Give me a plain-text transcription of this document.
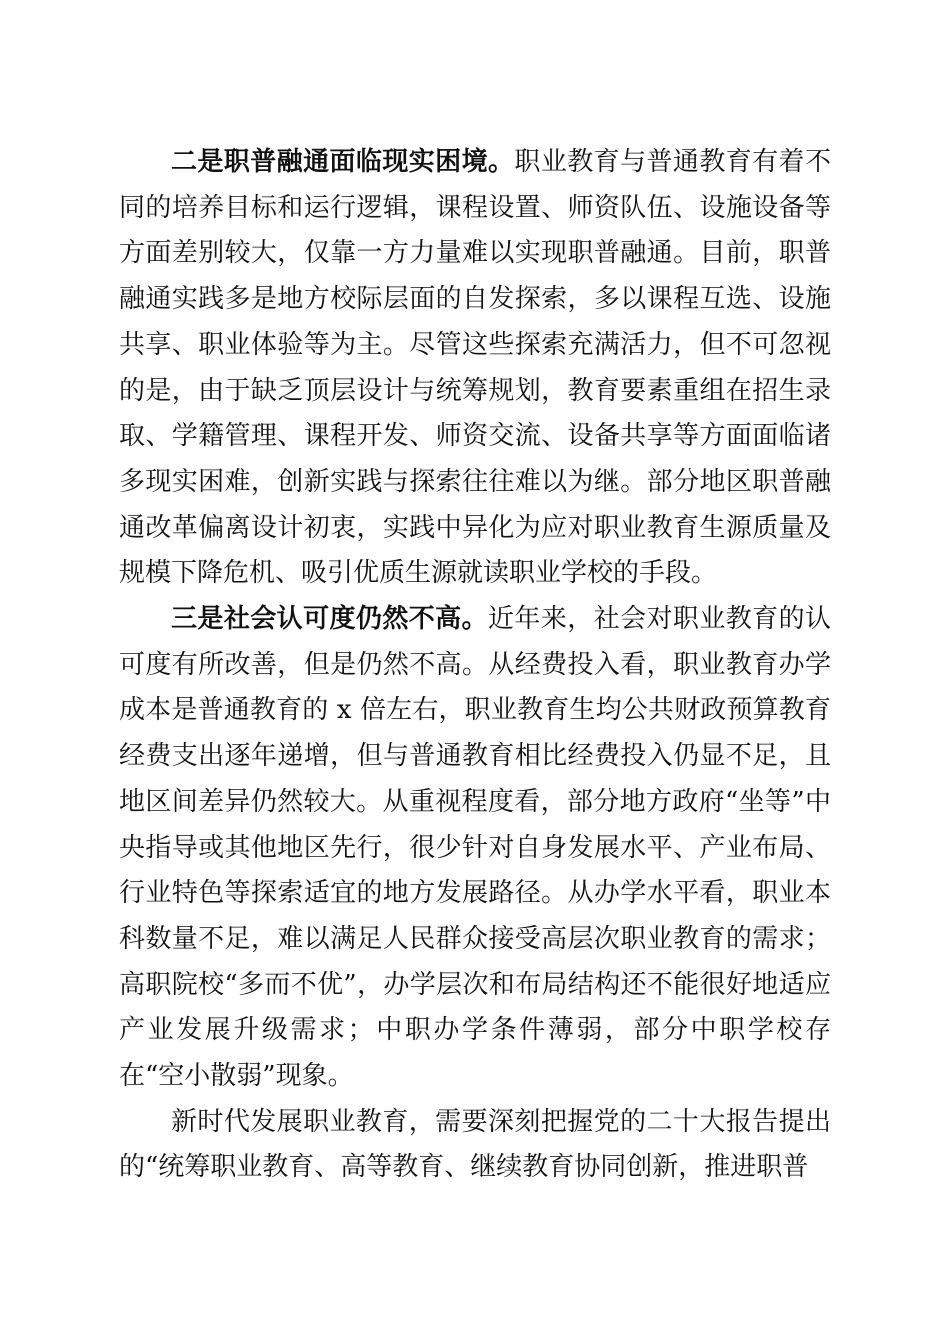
二是职普融通面临现实困境。职业教育与普通教育有着不同的培养目标和运行逻辑，课程设置、师资队伍、设施设备等方面差别较大，仅靠一方力量难以实现职普融通。目前，职普融通实践多是地方校际层面的自发探索，多以课程互选、设施共享、职业体验等为主。尽管这些探索充满活力，但不可忽视的是，由于缺乏顶层设计与统筹规划，教育要素重组在招生录取、学籍管理、课程开发、师资交流、设备共享等方面面临诸多现实困难，创新实践与探索往往难以为继。部分地区职普融通改革偏离设计初衷，实践中异化为应对职业教育生源质量及规模下降危机、吸引优质生源就读职业学校的手段。

三是社会认可度仍然不高。近年来，社会对职业教育的认可度有所改善，但是仍然不高。从经费投入看，职业教育办学成本是普通教育的 x 倍左右，职业教育生均公共财政预算教育经费支出逐年递增，但与普通教育相比经费投入仍显不足，且地区间差异仍然较大。从重视程度看，部分地方政府“坐等”中央指导或其他地区先行，很少针对自身发展水平、产业布局、行业特色等探索适宜的地方发展路径。从办学水平看，职业本科数量不足，难以满足人民群众接受高层次职业教育的需求；高职院校“多而不优”，办学层次和布局结构还不能很好地适应产业发展升级需求；中职办学条件薄弱，部分中职学校存在“空小散弱”现象。

新时代发展职业教育，需要深刻把握党的二十大报告提出的“统筹职业教育、高等教育、继续教育协同创新，推进职普
